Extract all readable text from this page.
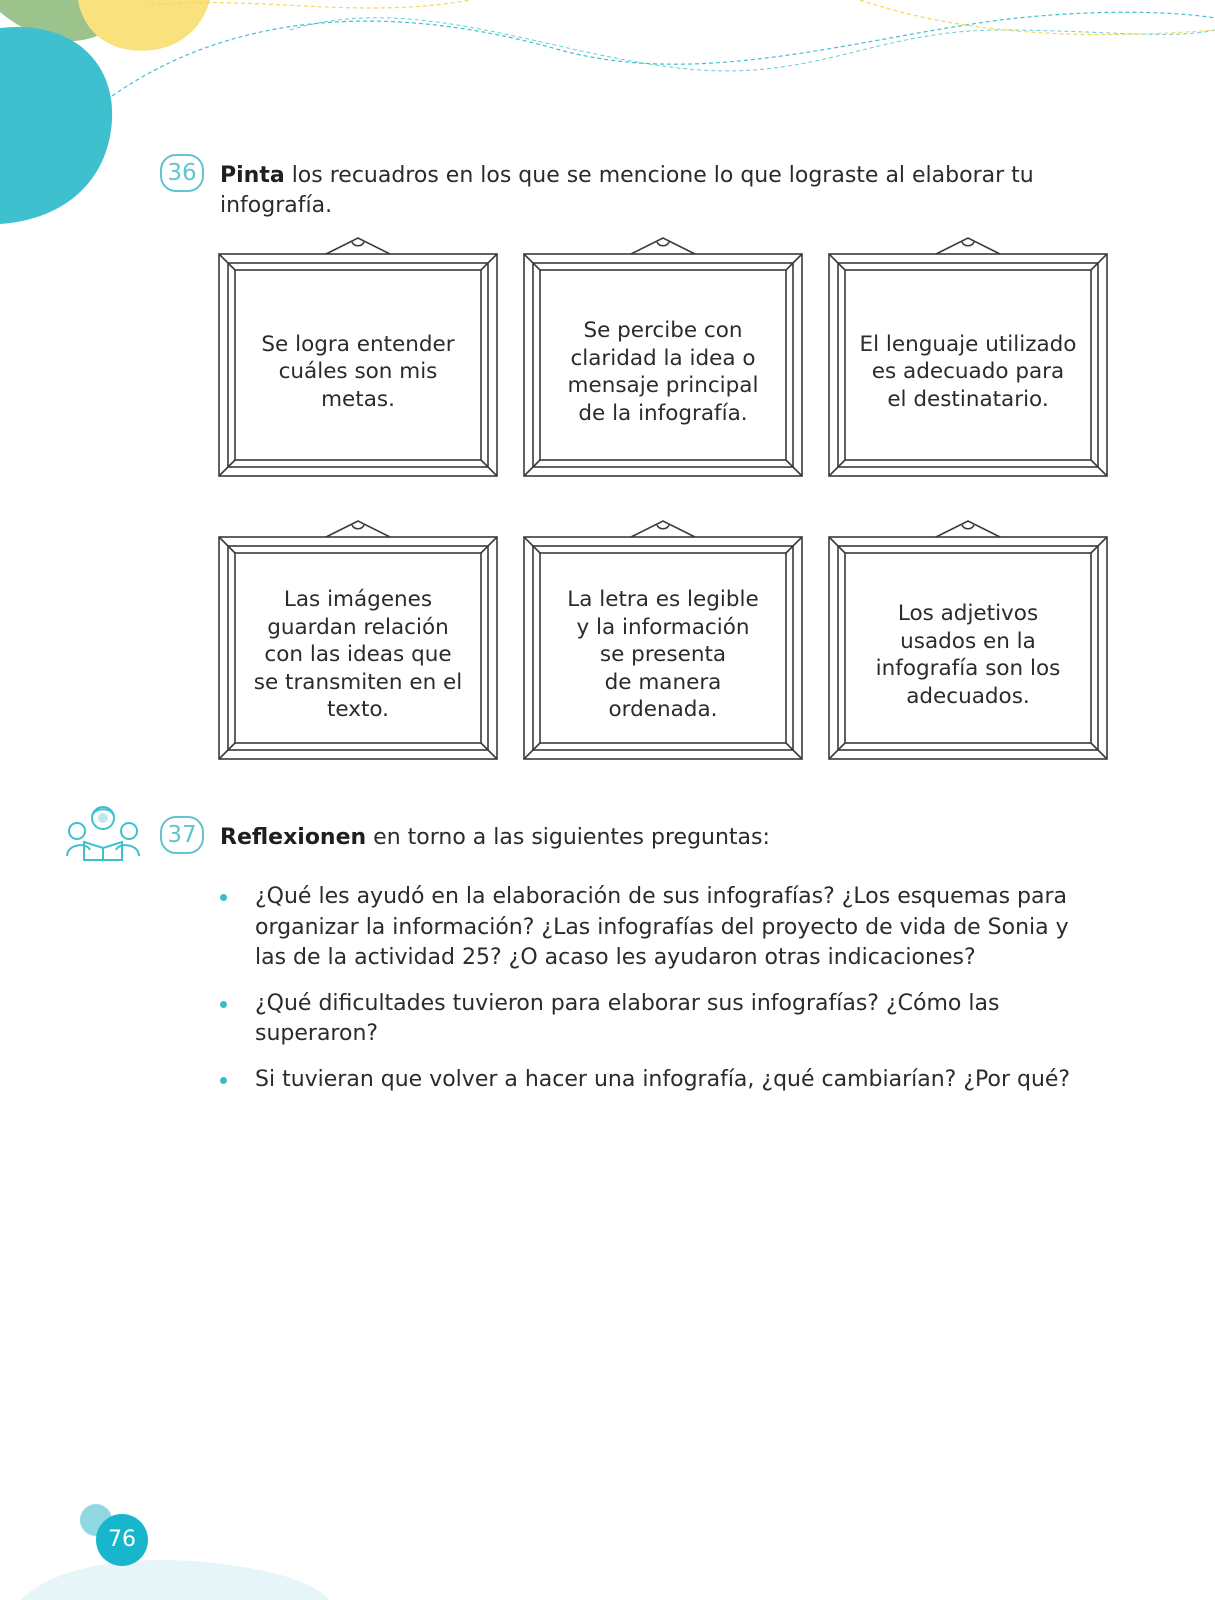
36	Pinta los recuadros en los que se mencione lo que lograste al elaborar tu infografía.
Se logra entender
cuáles son mis
metas.
Se percibe con
claridad la idea o
mensaje principal
de la infografía.
El lenguaje utilizado
es adecuado para
el destinatario.
Las imágenes
guardan relación
con las ideas que
se transmiten en el
texto.
La letra es legible
y la información
se presenta
de manera
ordenada.
Los adjetivos
usados en la
infografía son los
adecuados.
37	Reflexionen en torno a las siguientes preguntas:
¿Qué les ayudó en la elaboración de sus infografías? ¿Los esquemas para organizar la información? ¿Las infografías del proyecto de vida de Sonia y las de la actividad 25? ¿O acaso les ayudaron otras indicaciones?
¿Qué dificultades tuvieron para elaborar sus infografías? ¿Cómo las superaron?
Si tuvieran que volver a hacer una infografía, ¿qué cambiarían? ¿Por qué?
76
